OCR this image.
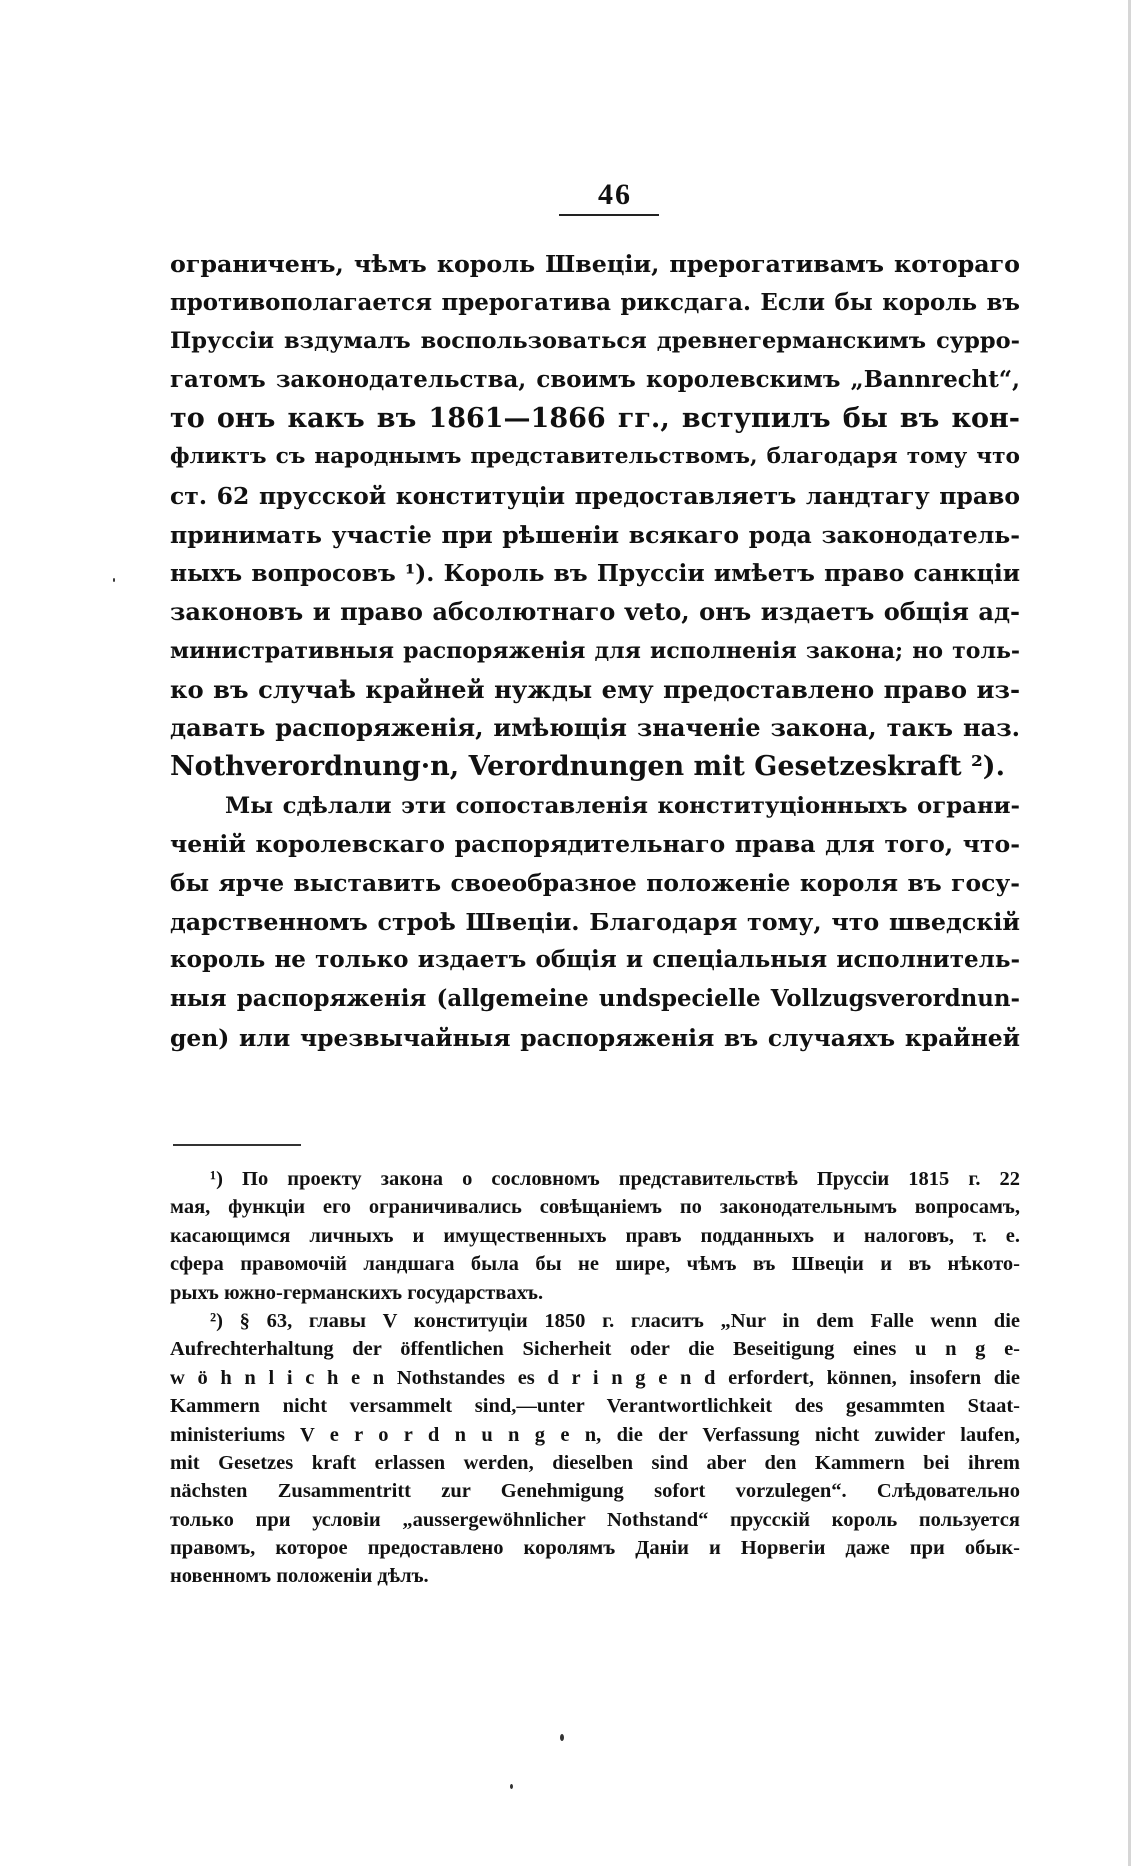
46
ограниченъ, чѣмъ король Швеціи, прерогативамъ котораго
противополагается прерогатива риксдага. Если бы король въ
Пруссіи вздумалъ воспользоваться древнегерманскимъ сурро-
гатомъ законодательства, своимъ королевскимъ „Bannrecht“,
то онъ какъ въ 1861—1866 гг., вступилъ бы въ кон-
фликтъ съ народнымъ представительствомъ, благодаря тому что
ст. 62 прусской конституціи предоставляетъ ландтагу право
принимать участіе при рѣшеніи всякаго рода законодатель-
ныхъ вопросовъ ¹). Король въ Пруссіи имѣетъ право санкціи
законовъ и право абсолютнаго veto, онъ издаетъ общія ад-
министративныя распоряженія для исполненія закона; но толь-
ко въ случаѣ крайней нужды ему предоставлено право из-
давать распоряженія, имѣющія значеніе закона, такъ наз.
Nothverordnung·n, Verordnungen mit Gesetzeskraft ²).
Мы сдѣлали эти сопоставленія конституціонныхъ ограни-
ченій королевскаго распорядительнаго права для того, что-
бы ярче выставить своеобразное положеніе короля въ госу-
дарственномъ строѣ Швеціи. Благодаря тому, что шведскій
король не только издаетъ общія и спеціальныя исполнитель-
ныя распоряженія (allgemeine undspecielle Vollzugsverordnun-
gen) или чрезвычайныя распоряженія въ случаяхъ крайней
¹) По проекту закона о сословномъ представительствѣ Пруссіи 1815 г. 22
мая, функціи его ограничивались совѣщаніемъ по законодательнымъ вопросамъ,
касающимся личныхъ и имущественныхъ правъ подданныхъ и налоговъ, т. е.
сфера правомочій ландшага была бы не шире, чѣмъ въ Швеціи и въ нѣкото-
рыхъ южно-германскихъ государствахъ.
²) § 63, главы V конституціи 1850 г. гласитъ „Nur in dem Falle wenn die
Aufrechterhaltung der öffentlichen Sicherheit oder die Beseitigung eines u n g e-
w ö h n l i c h e n Nothstandes es d r i n g e n d erfordert, können, insofern die
Kammern nicht versammelt sind,—unter Verantwortlichkeit des gesammten Staat-
ministeriums V e r o r d n u n g e n, die der Verfassung nicht zuwider laufen,
mit Gesetzes kraft erlassen werden, dieselben sind aber den Kammern bei ihrem
nächsten Zusammentritt zur Genehmigung sofort vorzulegen“. Слѣдовательно
только при условіи „aussergewöhnlicher Nothstand“ прусскій король пользуется
правомъ, которое предоставлено королямъ Даніи и Норвегіи даже при обык-
новенномъ положеніи дѣлъ.
